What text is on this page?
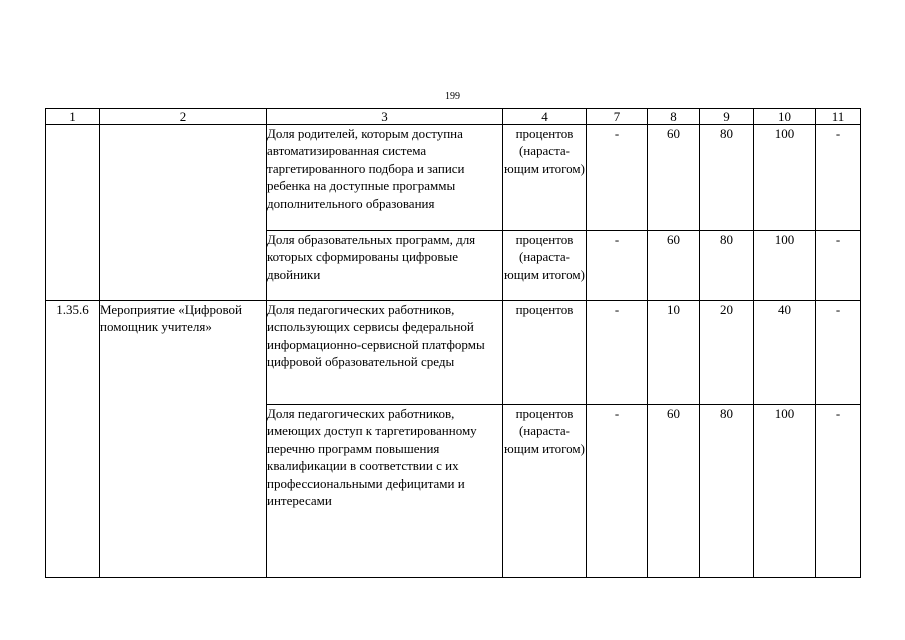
199
1	2	3	4	7	8	9	10	11
		Доля родителей, которым доступна автоматизированная система таргетированного подбора и записи ребенка на доступные программы дополнительного образования	процентов (нараста-ющим итогом)	-	60	80	100	-
		Доля образовательных программ, для которых сформированы цифровые двойники	процентов (нараста-ющим итогом)	-	60	80	100	-
1.35.6	Мероприятие «Цифровой помощник учителя»	Доля педагогических работников, использующих сервисы федеральной информационно-сервисной платформы цифровой образовательной среды	процентов	-	10	20	40	-
		Доля педагогических работников, имеющих доступ к таргетированному перечню программ повышения квалификации в соответствии с их профессиональными дефицитами и интересами	процентов (нараста-ющим итогом)	-	60	80	100	-
